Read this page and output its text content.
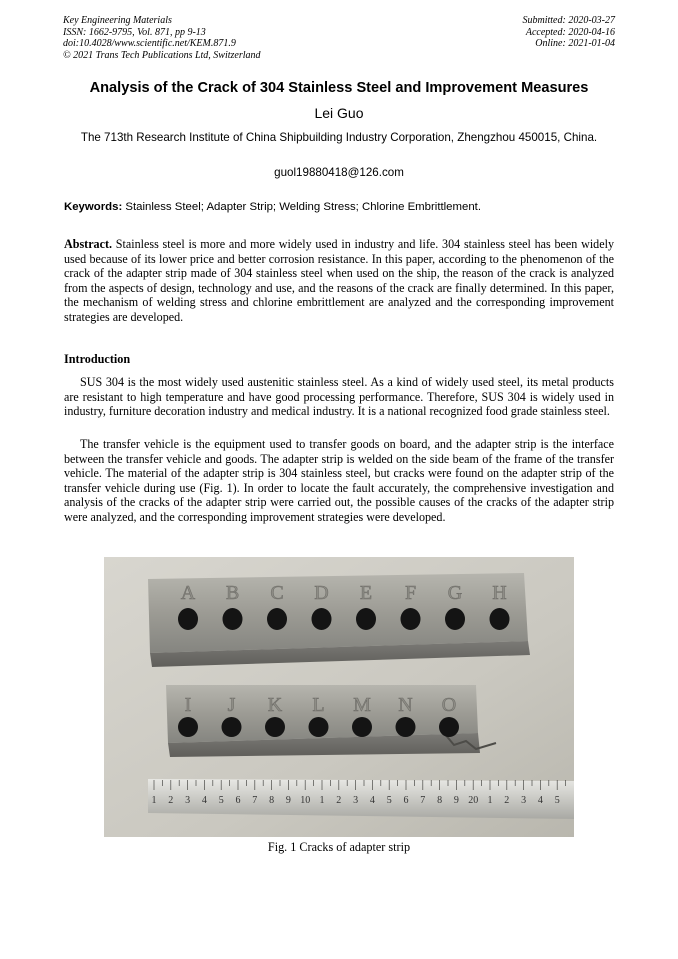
Key Engineering Materials
ISSN: 1662-9795, Vol. 871, pp 9-13
doi:10.4028/www.scientific.net/KEM.871.9
© 2021 Trans Tech Publications Ltd, Switzerland
Submitted: 2020-03-27
Accepted: 2020-04-16
Online: 2021-01-04
Analysis of the Crack of 304 Stainless Steel and Improvement Measures
Lei Guo
The 713th Research Institute of China Shipbuilding Industry Corporation, Zhengzhou 450015, China.
guol19880418@126.com
Keywords: Stainless Steel; Adapter Strip; Welding Stress; Chlorine Embrittlement.
Abstract. Stainless steel is more and more widely used in industry and life. 304 stainless steel has been widely used because of its lower price and better corrosion resistance. In this paper, according to the phenomenon of the crack of the adapter strip made of 304 stainless steel when used on the ship, the reason of the crack is analyzed from the aspects of design, technology and use, and the reasons of the crack are finally determined. In this paper, the mechanism of welding stress and chlorine embrittlement are analyzed and the corresponding improvement strategies are developed.
Introduction
SUS 304 is the most widely used austenitic stainless steel. As a kind of widely used steel, its metal products are resistant to high temperature and have good processing performance. Therefore, SUS 304 is widely used in industry, furniture decoration industry and medical industry. It is a national recognized food grade stainless steel.
The transfer vehicle is the equipment used to transfer goods on board, and the adapter strip is the interface between the transfer vehicle and goods. The adapter strip is welded on the side beam of the frame of the transfer vehicle. The material of the adapter strip is 304 stainless steel, but cracks were found on the adapter strip of the transfer vehicle during use (Fig. 1). In order to locate the fault accurately, the comprehensive investigation and analysis of the cracks of the adapter strip were carried out, the possible causes of the cracks of the adapter strip were analyzed, and the corresponding improvement strategies were developed.
A B C D E F G H
I J K L M N O
1 2 3 4 5 6 7 8 9 10 1 2 3 4 5 6 7 8 9 20 1 2 3 4 5
Fig. 1 Cracks of adapter strip
